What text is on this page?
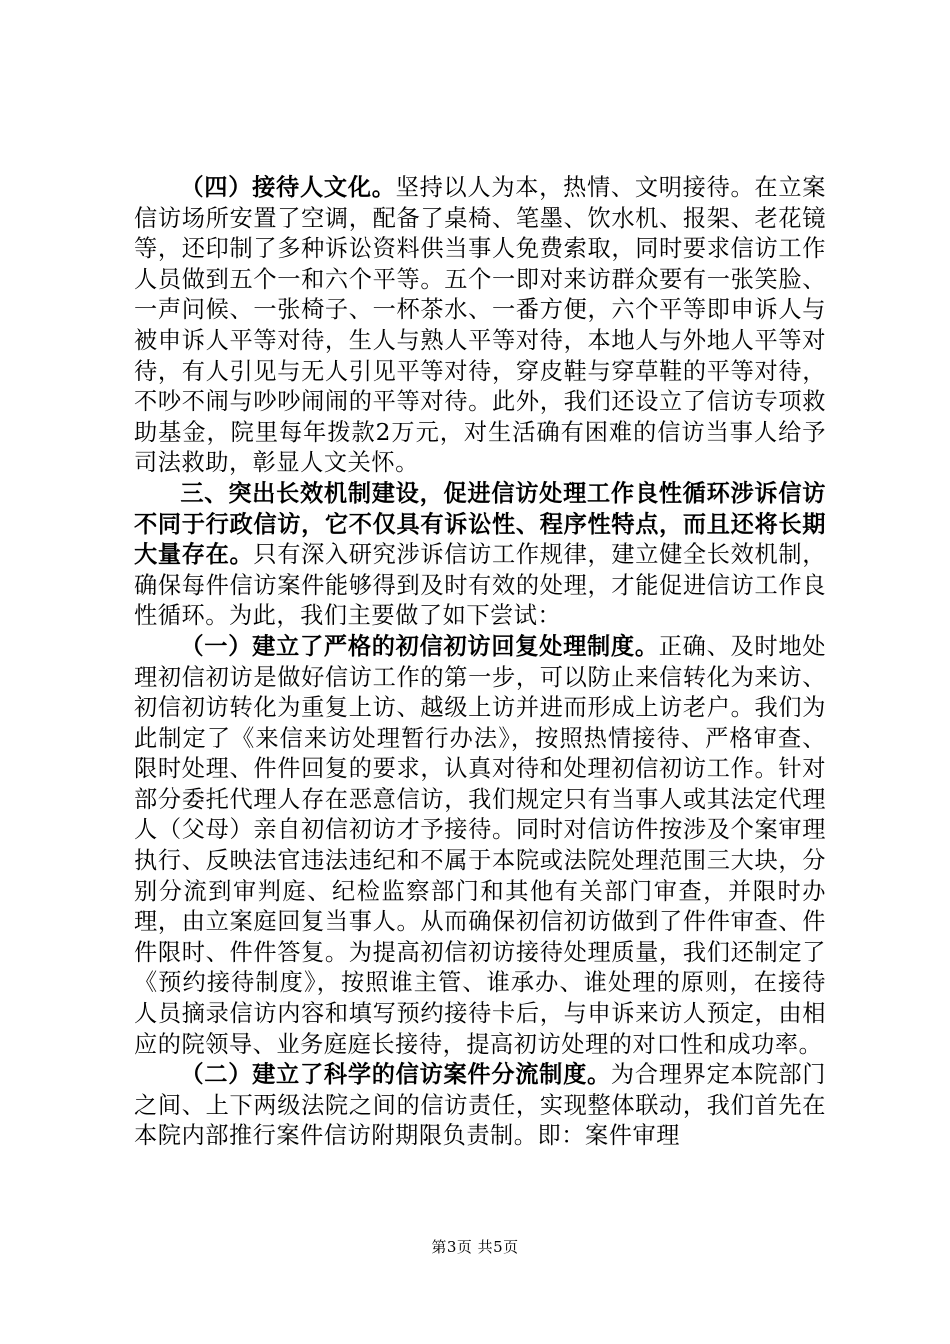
（四）接待人文化。坚持以人为本，热情、文明接待。在立案信访场所安置了空调，配备了桌椅、笔墨、饮水机、报架、老花镜等，还印制了多种诉讼资料供当事人免费索取，同时要求信访工作人员做到五个一和六个平等。五个一即对来访群众要有一张笑脸、一声问候、一张椅子、一杯茶水、一番方便，六个平等即申诉人与被申诉人平等对待，生人与熟人平等对待，本地人与外地人平等对待，有人引见与无人引见平等对待，穿皮鞋与穿草鞋的平等对待，不吵不闹与吵吵闹闹的平等对待。此外，我们还设立了信访专项救助基金，院里每年拨款2万元，对生活确有困难的信访当事人给予司法救助，彰显人文关怀。

三、突出长效机制建设，促进信访处理工作良性循环涉诉信访不同于行政信访，它不仅具有诉讼性、程序性特点，而且还将长期大量存在。只有深入研究涉诉信访工作规律，建立健全长效机制，确保每件信访案件能够得到及时有效的处理，才能促进信访工作良性循环。为此，我们主要做了如下尝试：

（一）建立了严格的初信初访回复处理制度。正确、及时地处理初信初访是做好信访工作的第一步，可以防止来信转化为来访、初信初访转化为重复上访、越级上访并进而形成上访老户。我们为此制定了《来信来访处理暂行办法》，按照热情接待、严格审查、限时处理、件件回复的要求，认真对待和处理初信初访工作。针对部分委托代理人存在恶意信访，我们规定只有当事人或其法定代理人（父母）亲自初信初访才予接待。同时对信访件按涉及个案审理执行、反映法官违法违纪和不属于本院或法院处理范围三大块，分别分流到审判庭、纪检监察部门和其他有关部门审查，并限时办理，由立案庭回复当事人。从而确保初信初访做到了件件审查、件件限时、件件答复。为提高初信初访接待处理质量，我们还制定了《预约接待制度》，按照谁主管、谁承办、谁处理的原则，在接待人员摘录信访内容和填写预约接待卡后，与申诉来访人预定，由相应的院领导、业务庭庭长接待，提高初访处理的对口性和成功率。

（二）建立了科学的信访案件分流制度。为合理界定本院部门之间、上下两级法院之间的信访责任，实现整体联动，我们首先在本院内部推行案件信访附期限负责制。即：案件审理

第3页 共5页
